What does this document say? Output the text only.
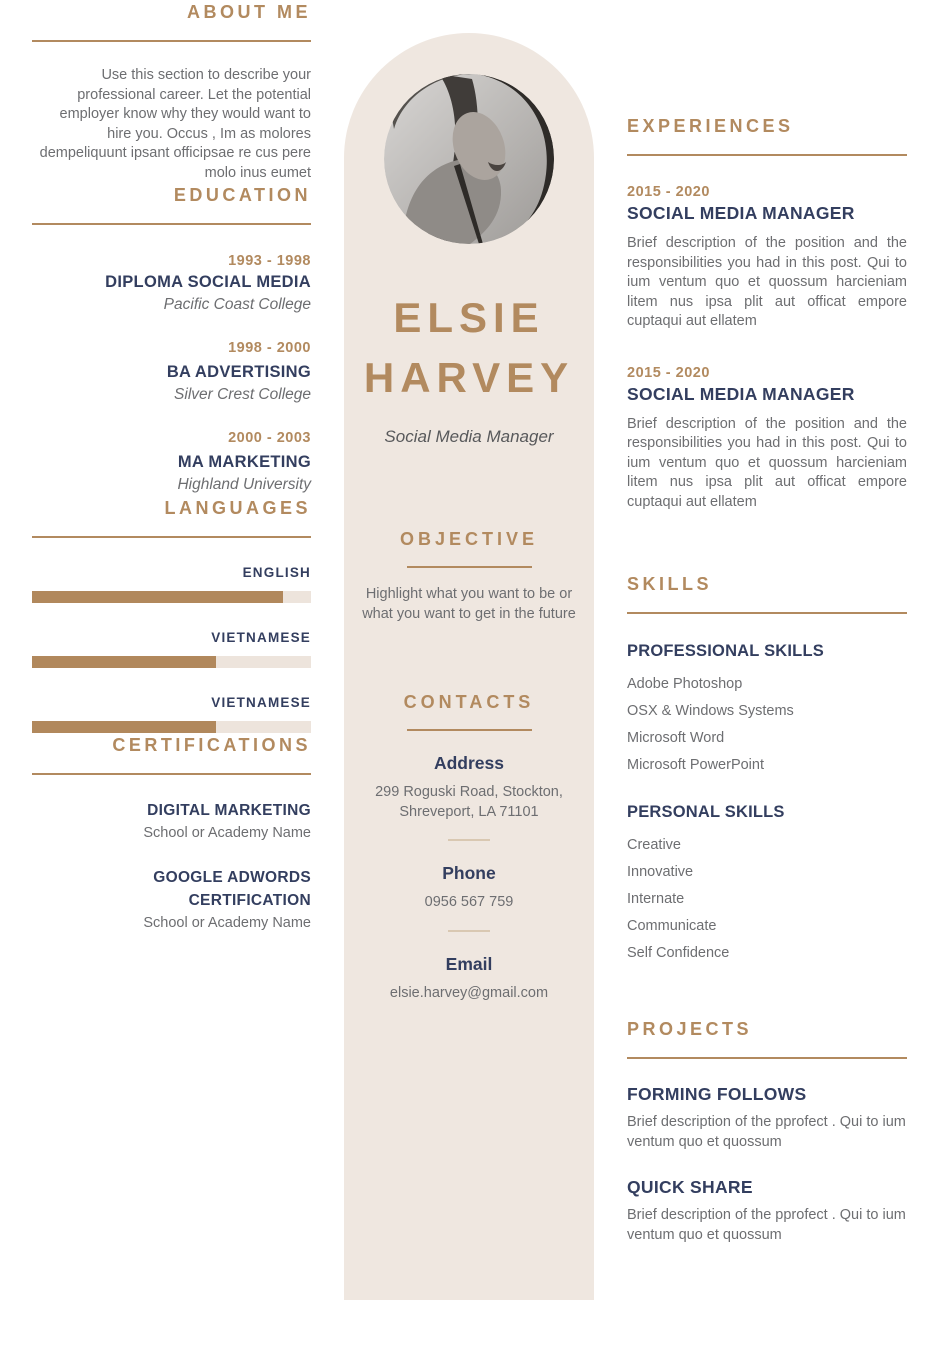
ABOUT ME

Use this section to describe your professional career. Let the potential employer know why they would want to hire you. Occus , Im as molores dempeliquunt ipsant officipsae re cus pere molo inus eumet

EDUCATION
1993 - 1998
DIPLOMA SOCIAL MEDIA
Pacific Coast College
1998 - 2000
BA ADVERTISING
Silver Crest College
2000 - 2003
MA MARKETING
Highland University
LANGUAGES
ENGLISH
VIETNAMESE
VIETNAMESE
CERTIFICATIONS
DIGITAL MARKETING
School or Academy Name
GOOGLE ADWORDS CERTIFICATION
School or Academy Name
ELSIE
HARVEY
Social Media Manager
OBJECTIVE

Highlight what you want to be or what you want to get in the future

CONTACTS
Address
299 Roguski Road, Stockton, Shreveport, LA 71101
Phone
0956 567 759
Email
elsie.harvey@gmail.com
EXPERIENCES
2015 - 2020
SOCIAL MEDIA MANAGER

Brief description of the position and the responsibilities you had in this post. Qui to ium ventum quo et quossum harcieniam litem nus ipsa plit aut officat empore cuptaqui aut ellatem

2015 - 2020
SOCIAL MEDIA MANAGER

Brief description of the position and the responsibilities you had in this post. Qui to ium ventum quo et quossum harcieniam litem nus ipsa plit aut officat empore cuptaqui aut ellatem

SKILLS
PROFESSIONAL SKILLS
Adobe Photoshop
OSX & Windows Systems
Microsoft Word
Microsoft PowerPoint
PERSONAL SKILLS
Creative
Innovative
Internate
Communicate
Self Confidence
PROJECTS
FORMING FOLLOWS

Brief description of the pprofect . Qui to ium ventum quo et quossum

QUICK SHARE

Brief description of the pprofect . Qui to ium ventum quo et quossum
